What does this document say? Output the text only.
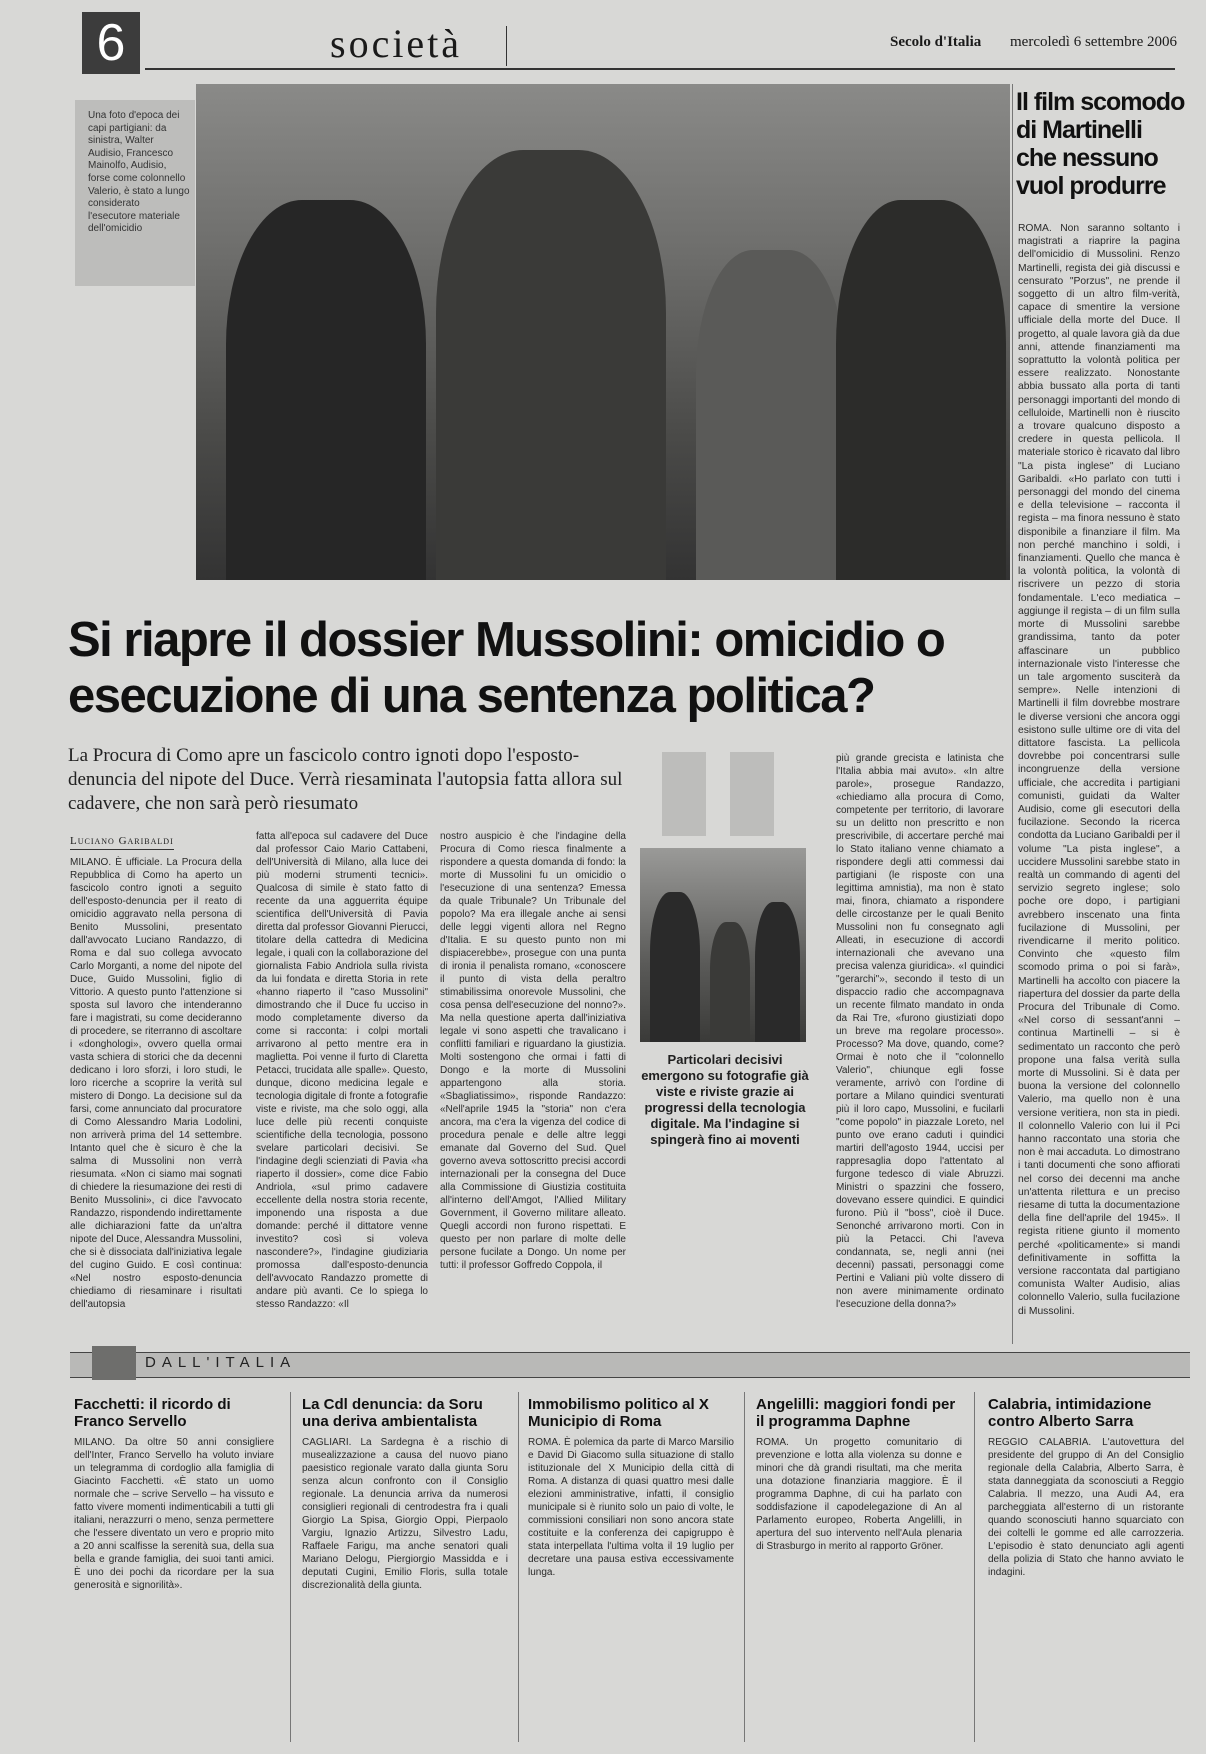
6	società	Secolo d'Italia mercoledì 6 settembre 2006
Una foto d'epoca dei capi partigiani: da sinistra, Walter Audisio, Francesco Mainolfo, Audisio, forse come colonnello Valerio, è stato a lungo considerato l'esecutore materiale dell'omicidio
Il film scomodo di Martinelli che nessuno vuol produrre
ROMA. Non saranno soltanto i magistrati a riaprire la pagina dell'omicidio di Mussolini. Renzo Martinelli, regista dei già discussi e censurato "Porzus", ne prende il soggetto di un altro film-verità, capace di smentire la versione ufficiale della morte del Duce. Il progetto, al quale lavora già da due anni, attende finanziamenti ma soprattutto la volontà politica per essere realizzato. Nonostante abbia bussato alla porta di tanti personaggi importanti del mondo di celluloide, Martinelli non è riuscito a trovare qualcuno disposto a credere in questa pellicola. Il materiale storico è ricavato dal libro "La pista inglese" di Luciano Garibaldi. «Ho parlato con tutti i personaggi del mondo del cinema e della televisione – racconta il regista – ma finora nessuno è stato disponibile a finanziare il film. Ma non perché manchino i soldi, i finanziamenti. Quello che manca è la volontà politica, la volontà di riscrivere un pezzo di storia fondamentale. L'eco mediatica – aggiunge il regista – di un film sulla morte di Mussolini sarebbe grandissima, tanto da poter affascinare un pubblico internazionale visto l'interesse che un tale argomento susciterà da sempre». Nelle intenzioni di Martinelli il film dovrebbe mostrare le diverse versioni che ancora oggi esistono sulle ultime ore di vita del dittatore fascista. La pellicola dovrebbe poi concentrarsi sulle incongruenze della versione ufficiale, che accredita i partigiani comunisti, guidati da Walter Audisio, come gli esecutori della fucilazione. Secondo la ricerca condotta da Luciano Garibaldi per il volume "La pista inglese", a uccidere Mussolini sarebbe stato in realtà un commando di agenti del servizio segreto inglese; solo poche ore dopo, i partigiani avrebbero inscenato una finta fucilazione di Mussolini, per rivendicarne il merito politico. Convinto che «questo film scomodo prima o poi si farà», Martinelli ha accolto con piacere la riapertura del dossier da parte della Procura del Tribunale di Como. «Nel corso di sessant'anni – continua Martinelli – si è sedimentato un racconto che però propone una falsa verità sulla morte di Mussolini. Si è data per buona la versione del colonnello Valerio, ma quello non è una versione veritiera, non sta in piedi. Il colonnello Valerio con lui il Pci hanno raccontato una storia che non è mai accaduta. Lo dimostrano i tanti documenti che sono affiorati nel corso dei decenni ma anche un'attenta rilettura e un preciso riesame di tutta la documentazione della fine dell'aprile del 1945». Il regista ritiene giunto il momento perché «politicamente» si mandi definitivamente in soffitta la versione raccontata dal partigiano comunista Walter Audisio, alias colonnello Valerio, sulla fucilazione di Mussolini.
Si riapre il dossier Mussolini: omicidio o esecuzione di una sentenza politica?
La Procura di Como apre un fascicolo contro ignoti dopo l'esposto-denuncia del nipote del Duce. Verrà riesaminata l'autopsia fatta allora sul cadavere, che non sarà però riesumato
Luciano Garibaldi
MILANO. È ufficiale. La Procura della Repubblica di Como ha aperto un fascicolo contro ignoti a seguito dell'esposto-denuncia per il reato di omicidio aggravato nella persona di Benito Mussolini, presentato dall'avvocato Luciano Randazzo, di Roma e dal suo collega avvocato Carlo Morganti, a nome del nipote del Duce, Guido Mussolini, figlio di Vittorio. A questo punto l'attenzione si sposta sul lavoro che intenderanno fare i magistrati, su come decideranno di procedere, se riterranno di ascoltare i «donghologi», ovvero quella ormai vasta schiera di storici che da decenni dedicano i loro sforzi, i loro studi, le loro ricerche a scoprire la verità sul mistero di Dongo. La decisione sul da farsi, come annunciato dal procuratore di Como Alessandro Maria Lodolini, non arriverà prima del 14 settembre. Intanto quel che è sicuro è che la salma di Mussolini non verrà riesumata. «Non ci siamo mai sognati di chiedere la riesumazione dei resti di Benito Mussolini», ci dice l'avvocato Randazzo, rispondendo indirettamente alle dichiarazioni fatte da un'altra nipote del Duce, Alessandra Mussolini, che si è dissociata dall'iniziativa legale del cugino Guido. E così continua: «Nel nostro esposto-denuncia chiediamo di riesaminare i risultati dell'autopsia
fatta all'epoca sul cadavere del Duce dal professor Caio Mario Cattabeni, dell'Università di Milano, alla luce dei più moderni strumenti tecnici». Qualcosa di simile è stato fatto di recente da una agguerrita équipe scientifica dell'Università di Pavia diretta dal professor Giovanni Pierucci, titolare della cattedra di Medicina legale, i quali con la collaborazione del giornalista Fabio Andriola sulla rivista da lui fondata e diretta Storia in rete «hanno riaperto il "caso Mussolini" dimostrando che il Duce fu ucciso in modo completamente diverso da come si racconta: i colpi mortali arrivarono al petto mentre era in maglietta. Poi venne il furto di Claretta Petacci, trucidata alle spalle». Questo, dunque, dicono medicina legale e tecnologia digitale di fronte a fotografie viste e riviste, ma che solo oggi, alla luce delle più recenti conquiste scientifiche della tecnologia, possono svelare particolari decisivi. Se l'indagine degli scienziati di Pavia «ha riaperto il dossier», come dice Fabio Andriola, «sul primo cadavere eccellente della nostra storia recente, imponendo una risposta a due domande: perché il dittatore venne investito? così si voleva nascondere?», l'indagine giudiziaria promossa dall'esposto-denuncia dell'avvocato Randazzo promette di andare più avanti. Ce lo spiega lo stesso Randazzo: «Il
nostro auspicio è che l'indagine della Procura di Como riesca finalmente a rispondere a questa domanda di fondo: la morte di Mussolini fu un omicidio o l'esecuzione di una sentenza? Emessa da quale Tribunale? Un Tribunale del popolo? Ma era illegale anche ai sensi delle leggi vigenti allora nel Regno d'Italia. E su questo punto non mi dispiacerebbe», prosegue con una punta di ironia il penalista romano, «conoscere il punto di vista della peraltro stimabilissima onorevole Mussolini, che cosa pensa dell'esecuzione del nonno?». Ma nella questione aperta dall'iniziativa legale vi sono aspetti che travalicano i conflitti familiari e riguardano la giustizia. Molti sostengono che ormai i fatti di Dongo e la morte di Mussolini appartengono alla storia. «Sbagliatissimo», risponde Randazzo: «Nell'aprile 1945 la "storia" non c'era ancora, ma c'era la vigenza del codice di procedura penale e delle altre leggi emanate dal Governo del Sud. Quel governo aveva sottoscritto precisi accordi internazionali per la consegna del Duce alla Commissione di Giustizia costituita all'interno dell'Amgot, l'Allied Military Government, il Governo militare alleato. Quegli accordi non furono rispettati. E questo per non parlare di molte delle persone fucilate a Dongo. Un nome per tutti: il professor Goffredo Coppola, il
più grande grecista e latinista che l'Italia abbia mai avuto». «In altre parole», prosegue Randazzo, «chiediamo alla procura di Como, competente per territorio, di lavorare su un delitto non prescritto e non prescrivibile, di accertare perché mai lo Stato italiano venne chiamato a rispondere degli atti commessi dai partigiani (le risposte con una legittima amnistia), ma non è stato mai, finora, chiamato a rispondere delle circostanze per le quali Benito Mussolini non fu consegnato agli Alleati, in esecuzione di accordi internazionali che avevano una precisa valenza giuridica». «I quindici "gerarchi"», secondo il testo di un dispaccio radio che accompagnava un recente filmato mandato in onda da Rai Tre, «furono giustiziati dopo un breve ma regolare processo». Processo? Ma dove, quando, come? Ormai è noto che il "colonnello Valerio", chiunque egli fosse veramente, arrivò con l'ordine di portare a Milano quindici sventurati più il loro capo, Mussolini, e fucilarli "come popolo" in piazzale Loreto, nel punto ove erano caduti i quindici martiri dell'agosto 1944, uccisi per rappresaglia dopo l'attentato al furgone tedesco di viale Abruzzi. Ministri o spazzini che fossero, dovevano essere quindici. E quindici furono. Più il "boss", cioè il Duce. Senonché arrivarono morti. Con in più la Petacci. Chi l'aveva condannata, se, negli anni (nei decenni) passati, personaggi come Pertini e Valiani più volte dissero di non avere minimamente ordinato l'esecuzione della donna?»
Particolari decisivi emergono su fotografie già viste e riviste grazie ai progressi della tecnologia digitale. Ma l'indagine si spingerà fino ai moventi
DALL'ITALIA
Facchetti: il ricordo di Franco Servello
MILANO. Da oltre 50 anni consigliere dell'Inter, Franco Servello ha voluto inviare un telegramma di cordoglio alla famiglia di Giacinto Facchetti. «È stato un uomo normale che – scrive Servello – ha vissuto e fatto vivere momenti indimenticabili a tutti gli italiani, nerazzurri o meno, senza permettere che l'essere diventato un vero e proprio mito a 20 anni scalfisse la serenità sua, della sua bella e grande famiglia, dei suoi tanti amici. È uno dei pochi da ricordare per la sua generosità e signorilità».
La Cdl denuncia: da Soru una deriva ambientalista
CAGLIARI. La Sardegna è a rischio di musealizzazione a causa del nuovo piano paesistico regionale varato dalla giunta Soru senza alcun confronto con il Consiglio regionale. La denuncia arriva da numerosi consiglieri regionali di centrodestra fra i quali Giorgio La Spisa, Giorgio Oppi, Pierpaolo Vargiu, Ignazio Artizzu, Silvestro Ladu, Raffaele Farigu, ma anche senatori quali Mariano Delogu, Piergiorgio Massidda e i deputati Cugini, Emilio Floris, sulla totale discrezionalità della giunta.
Immobilismo politico al X Municipio di Roma
ROMA. È polemica da parte di Marco Marsilio e David Di Giacomo sulla situazione di stallo istituzionale del X Municipio della città di Roma. A distanza di quasi quattro mesi dalle elezioni amministrative, infatti, il consiglio municipale si è riunito solo un paio di volte, le commissioni consiliari non sono ancora state costituite e la conferenza dei capigruppo è stata interpellata l'ultima volta il 19 luglio per decretare una pausa estiva eccessivamente lunga.
Angelilli: maggiori fondi per il programma Daphne
ROMA. Un progetto comunitario di prevenzione e lotta alla violenza su donne e minori che dà grandi risultati, ma che merita una dotazione finanziaria maggiore. È il programma Daphne, di cui ha parlato con soddisfazione il capodelegazione di An al Parlamento europeo, Roberta Angelilli, in apertura del suo intervento nell'Aula plenaria di Strasburgo in merito al rapporto Gröner.
Calabria, intimidazione contro Alberto Sarra
REGGIO CALABRIA. L'autovettura del presidente del gruppo di An del Consiglio regionale della Calabria, Alberto Sarra, è stata danneggiata da sconosciuti a Reggio Calabria. Il mezzo, una Audi A4, era parcheggiata all'esterno di un ristorante quando sconosciuti hanno squarciato con dei coltelli le gomme ed alle carrozzeria. L'episodio è stato denunciato agli agenti della polizia di Stato che hanno avviato le indagini.
